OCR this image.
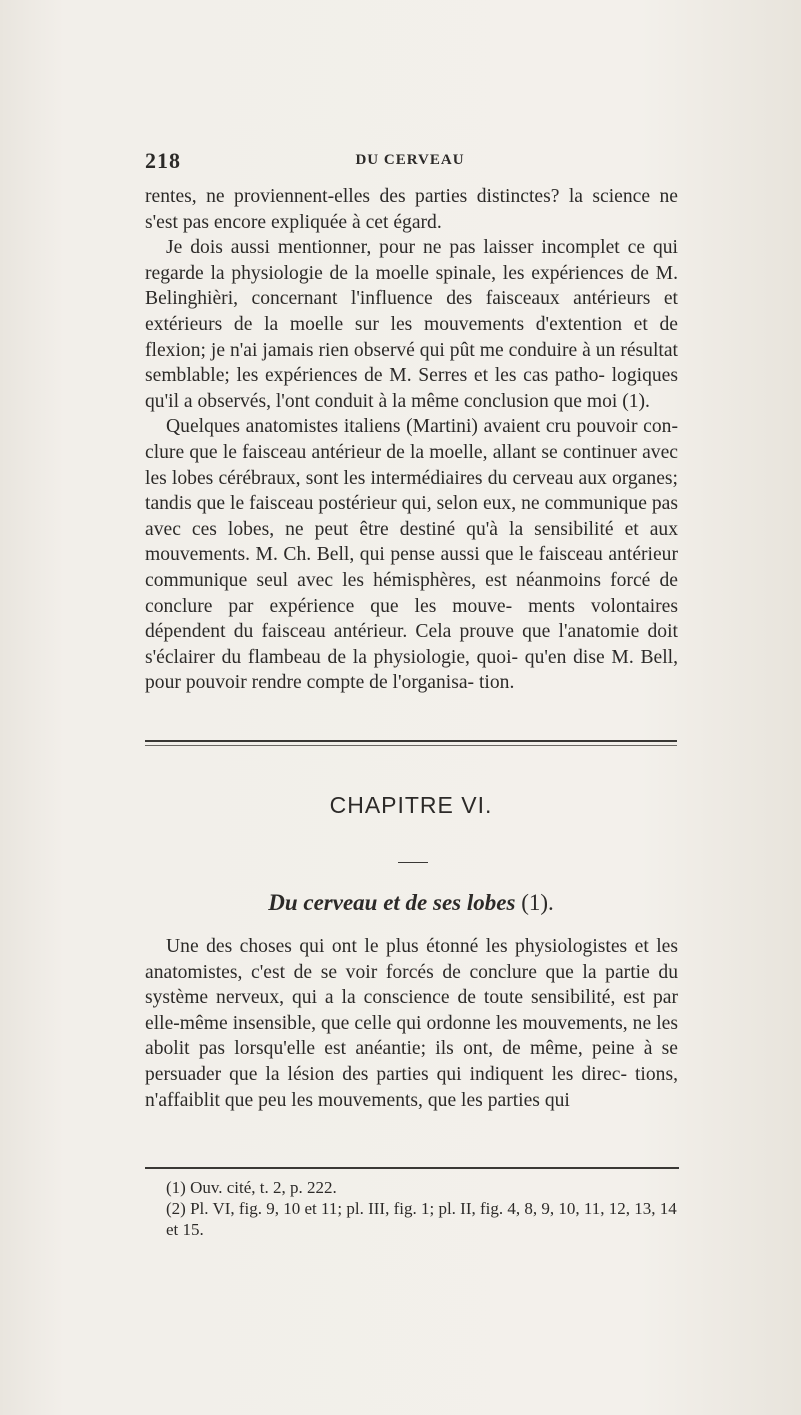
218	DU CERVEAU

rentes, ne proviennent-elles des parties distinctes? la science ne s'est pas encore expliquée à cet égard.

Je dois aussi mentionner, pour ne pas laisser incomplet ce qui regarde la physiologie de la moelle spinale, les expériences de M. Belinghièri, concernant l'influence des faisceaux antérieurs et extérieurs de la moelle sur les mouvements d'extention et de flexion; je n'ai jamais rien observé qui pût me conduire à un résultat semblable; les expériences de M. Serres et les cas patho- logiques qu'il a observés, l'ont conduit à la même conclusion que moi (1).

Quelques anatomistes italiens (Martini) avaient cru pouvoir con- clure que le faisceau antérieur de la moelle, allant se continuer avec les lobes cérébraux, sont les intermédiaires du cerveau aux organes; tandis que le faisceau postérieur qui, selon eux, ne communique pas avec ces lobes, ne peut être destiné qu'à la sensibilité et aux mouvements. M. Ch. Bell, qui pense aussi que le faisceau antérieur communique seul avec les hémisphères, est néanmoins forcé de conclure par expérience que les mouve- ments volontaires dépendent du faisceau antérieur. Cela prouve que l'anatomie doit s'éclairer du flambeau de la physiologie, quoi- qu'en dise M. Bell, pour pouvoir rendre compte de l'organisa- tion.

CHAPITRE VI.
Du cerveau et de ses lobes (1).

Une des choses qui ont le plus étonné les physiologistes et les anatomistes, c'est de se voir forcés de conclure que la partie du système nerveux, qui a la conscience de toute sensibilité, est par elle-même insensible, que celle qui ordonne les mouvements, ne les abolit pas lorsqu'elle est anéantie; ils ont, de même, peine à se persuader que la lésion des parties qui indiquent les direc- tions, n'affaiblit que peu les mouvements, que les parties qui

(1) Ouv. cité, t. 2, p. 222.

(2) Pl. VI, fig. 9, 10 et 11; pl. III, fig. 1; pl. II, fig. 4, 8, 9, 10, 11, 12, 13, 14 et 15.
